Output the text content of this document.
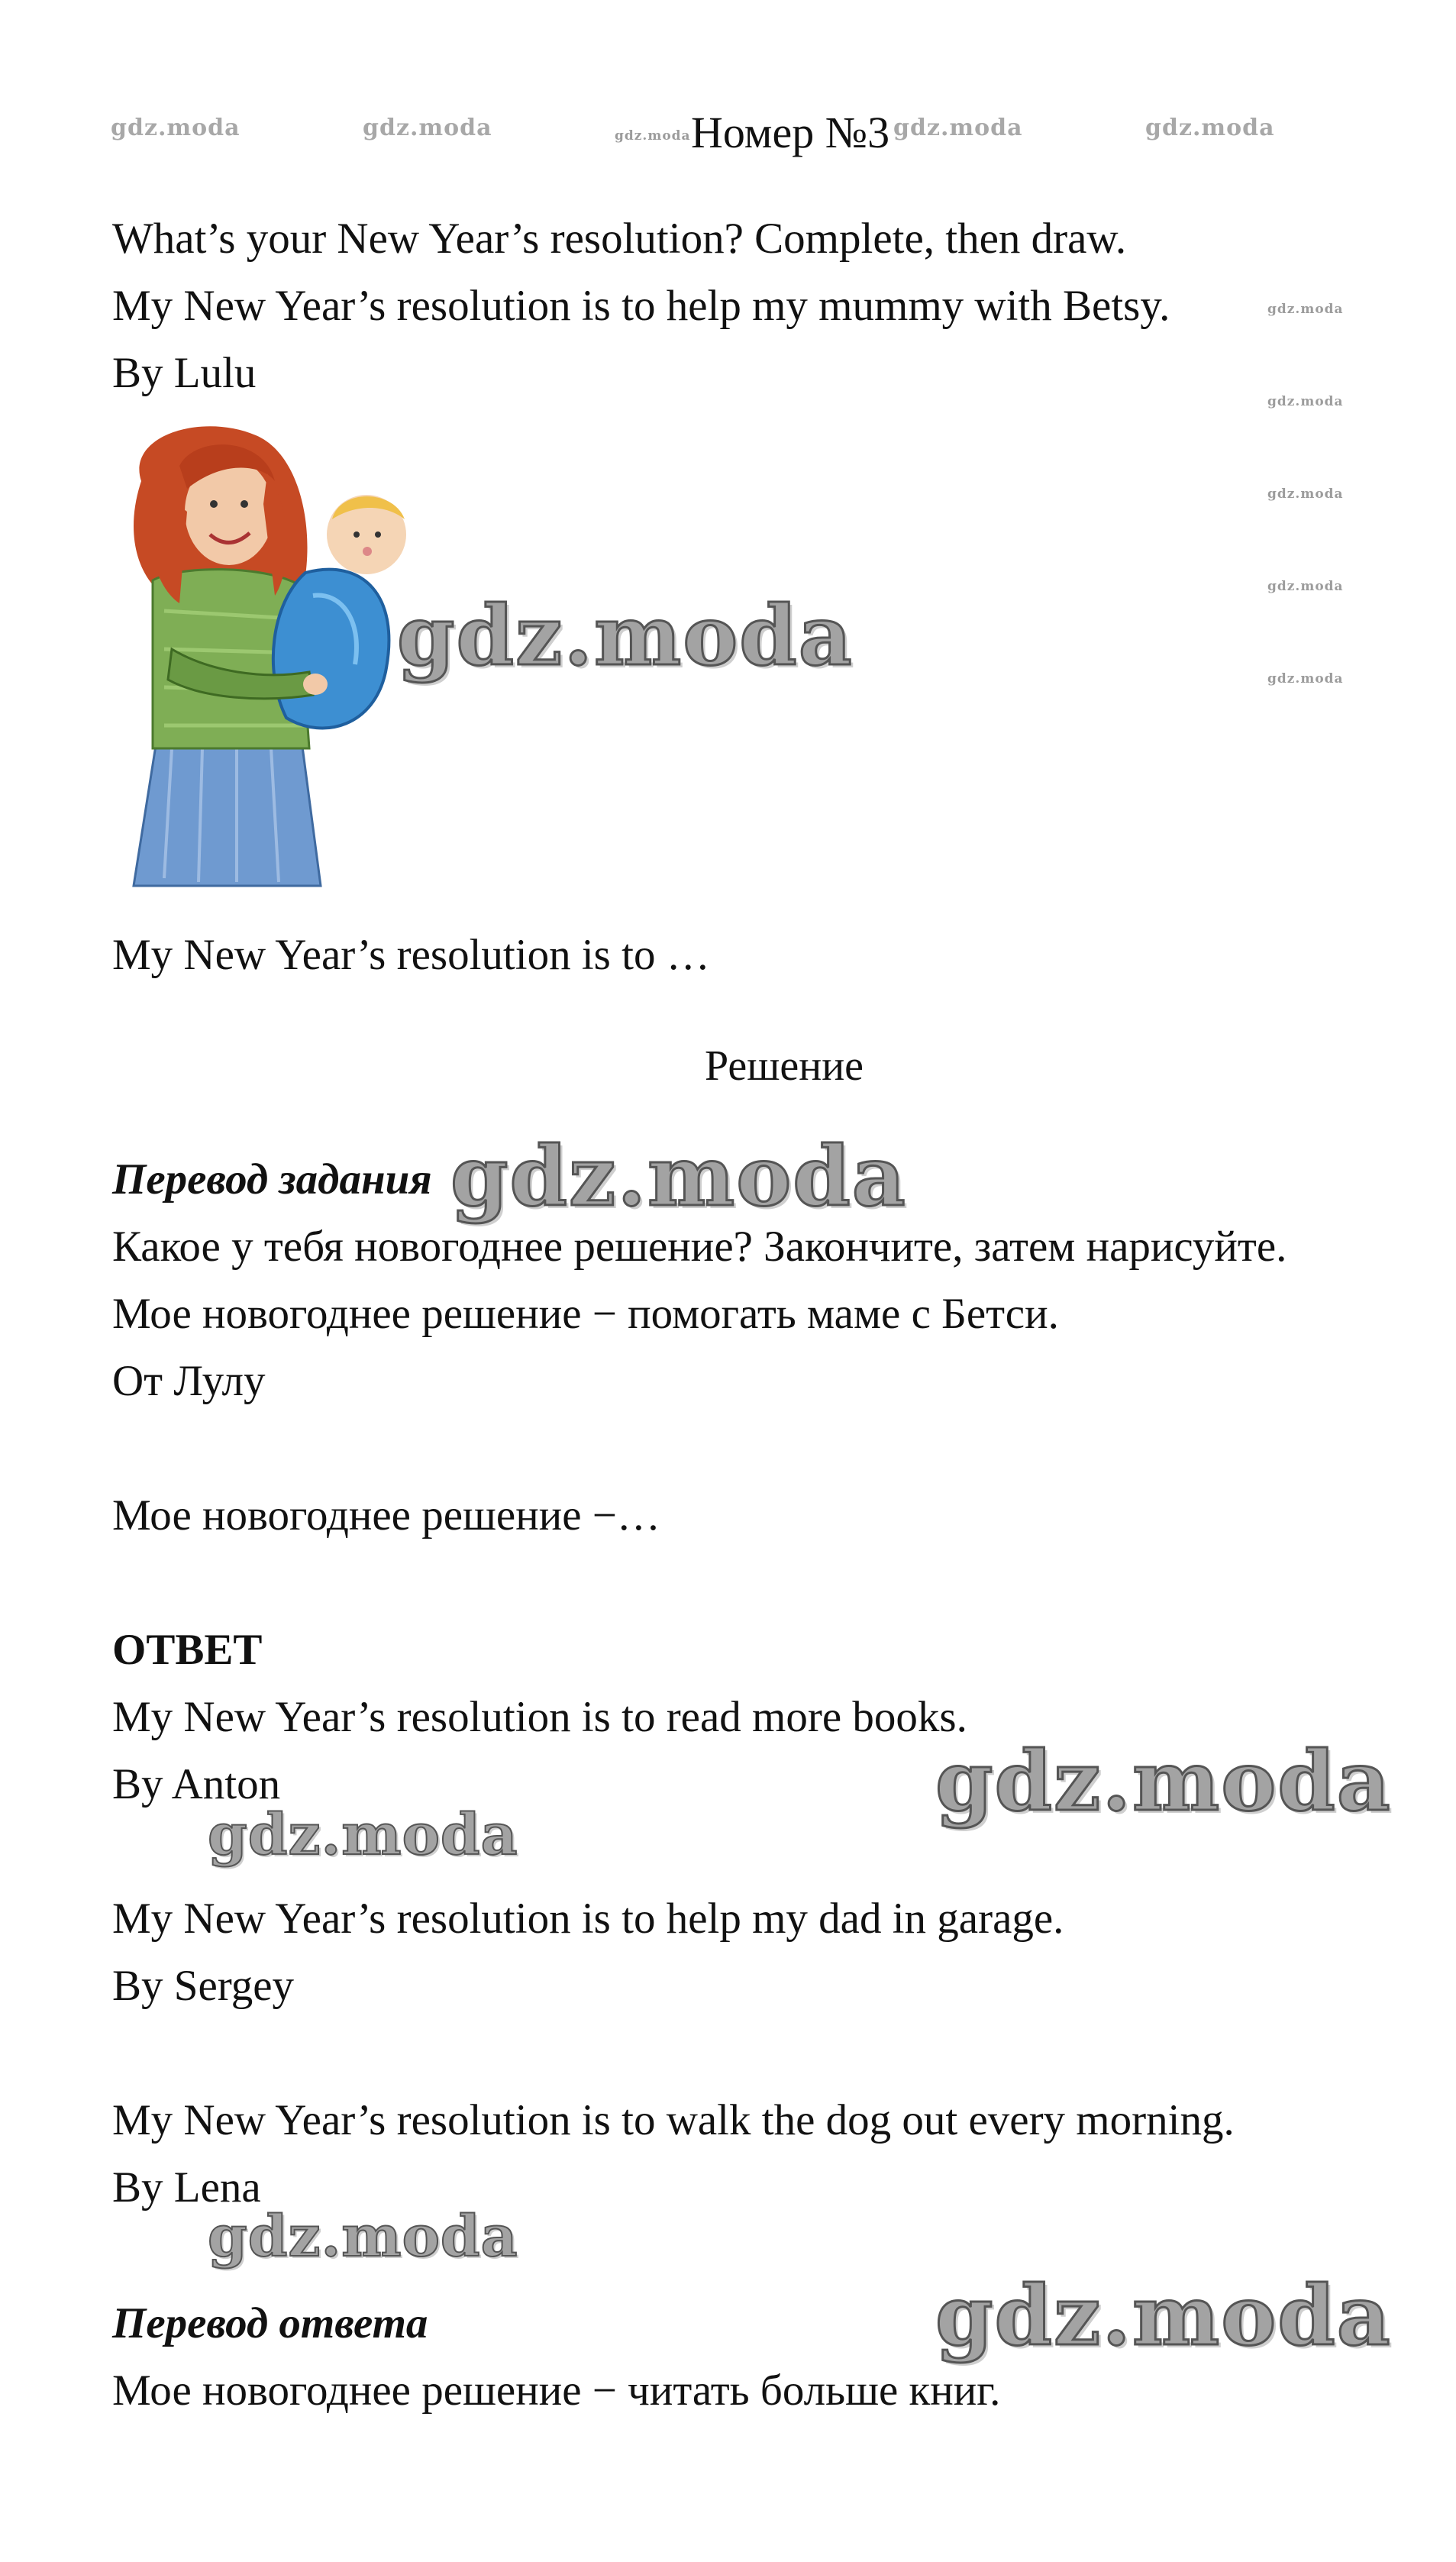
gdz.moda	gdz.moda	gdz.moda Номер №3 gdz.moda	gdz.moda
What’s your New Year’s resolution? Complete, then draw.
My New Year’s resolution is to help my mummy with Betsy.
By Lulu
gdz.moda
gdz.moda
gdz.moda
gdz.moda
gdz.moda
gdz.moda
My New Year’s resolution is to …
Решение
Перевод задания gdz.moda
Какое у тебя новогоднее решение? Закончите, затем нарисуйте.
Мое новогоднее решение − помогать маме с Бетси.
От Лулу
Мое новогоднее решение −…
ОТВЕТ
My New Year’s resolution is to read more books.
By Anton	gdz.moda
gdz.moda
My New Year’s resolution is to help my dad in garage.
By Sergey
My New Year’s resolution is to walk the dog out every morning.
By Lena
gdz.moda
Перевод ответа	gdz.moda
Мое новогоднее решение − читать больше книг.
